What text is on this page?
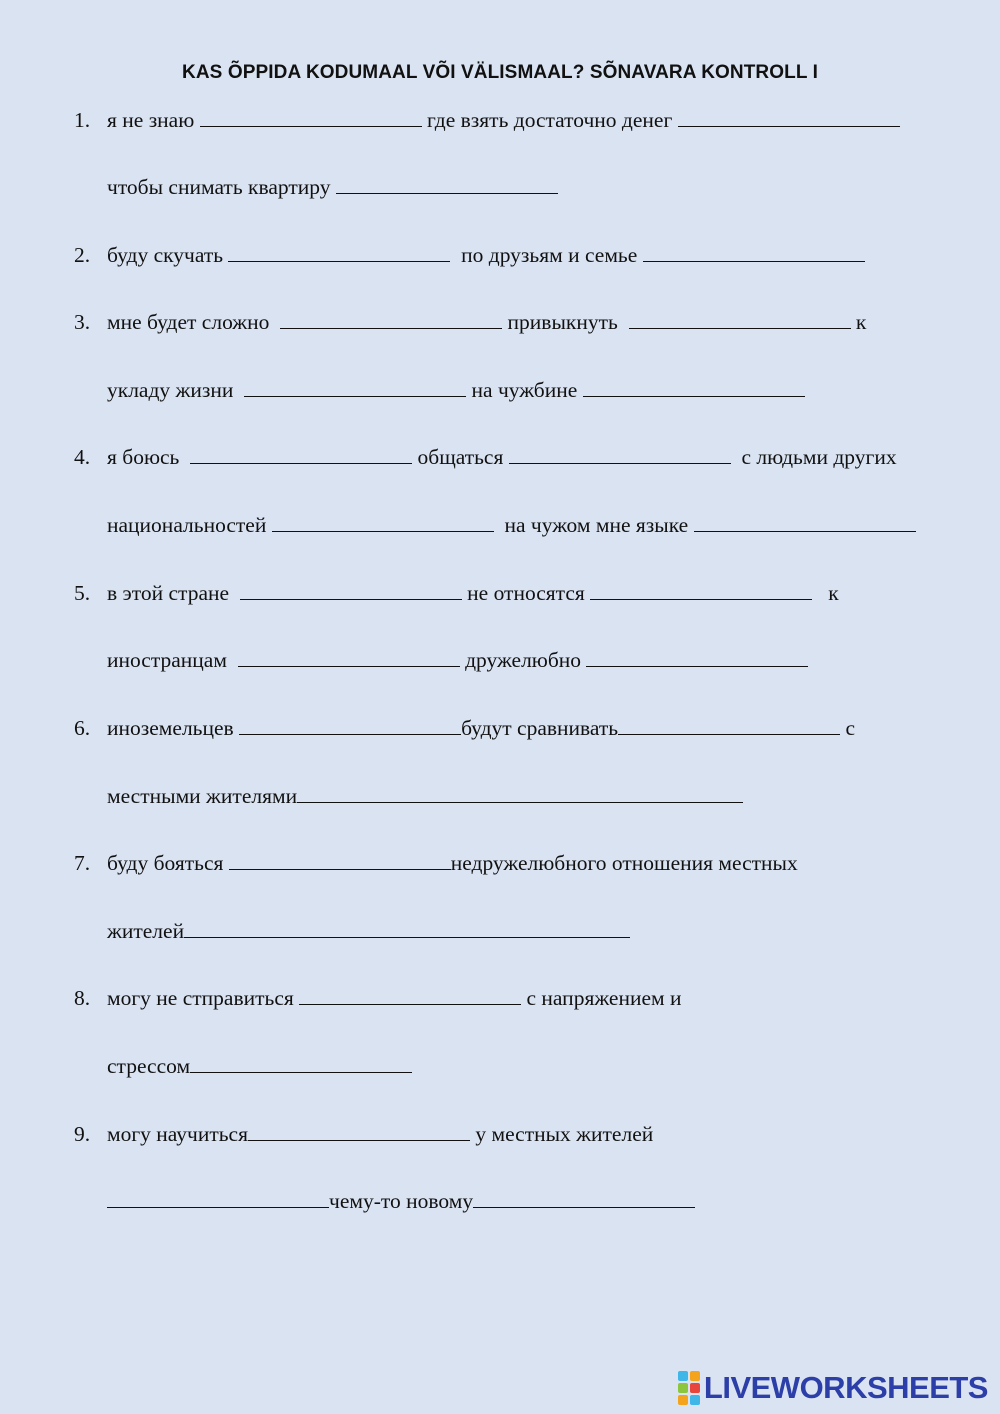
KAS ÕPPIDA KODUMAAL VÕI VÄLISMAAL? SÕNAVARA KONTROLL I
1. я не знаю	где взять достаточно денег
чтобы снимать квартиру
2. буду скучать	по друзьям и семье
3. мне будет сложно	привыкнуть	к
укладу жизни	на чужбине
4. я боюсь	общаться	с людьми других
национальностей	на чужом мне языке
5. в этой стране	не относятся	к
иностранцам	дружелюбно
6. иноземельцев	будут сравнивать	с
местными жителями
7. буду бояться	недружелюбного отношения местных
жителей
8. могу не стправиться	с напряжением и
стрессом
9. могу научиться	у местных жителей
чему-то новому
LIVEWORKSHEETS
